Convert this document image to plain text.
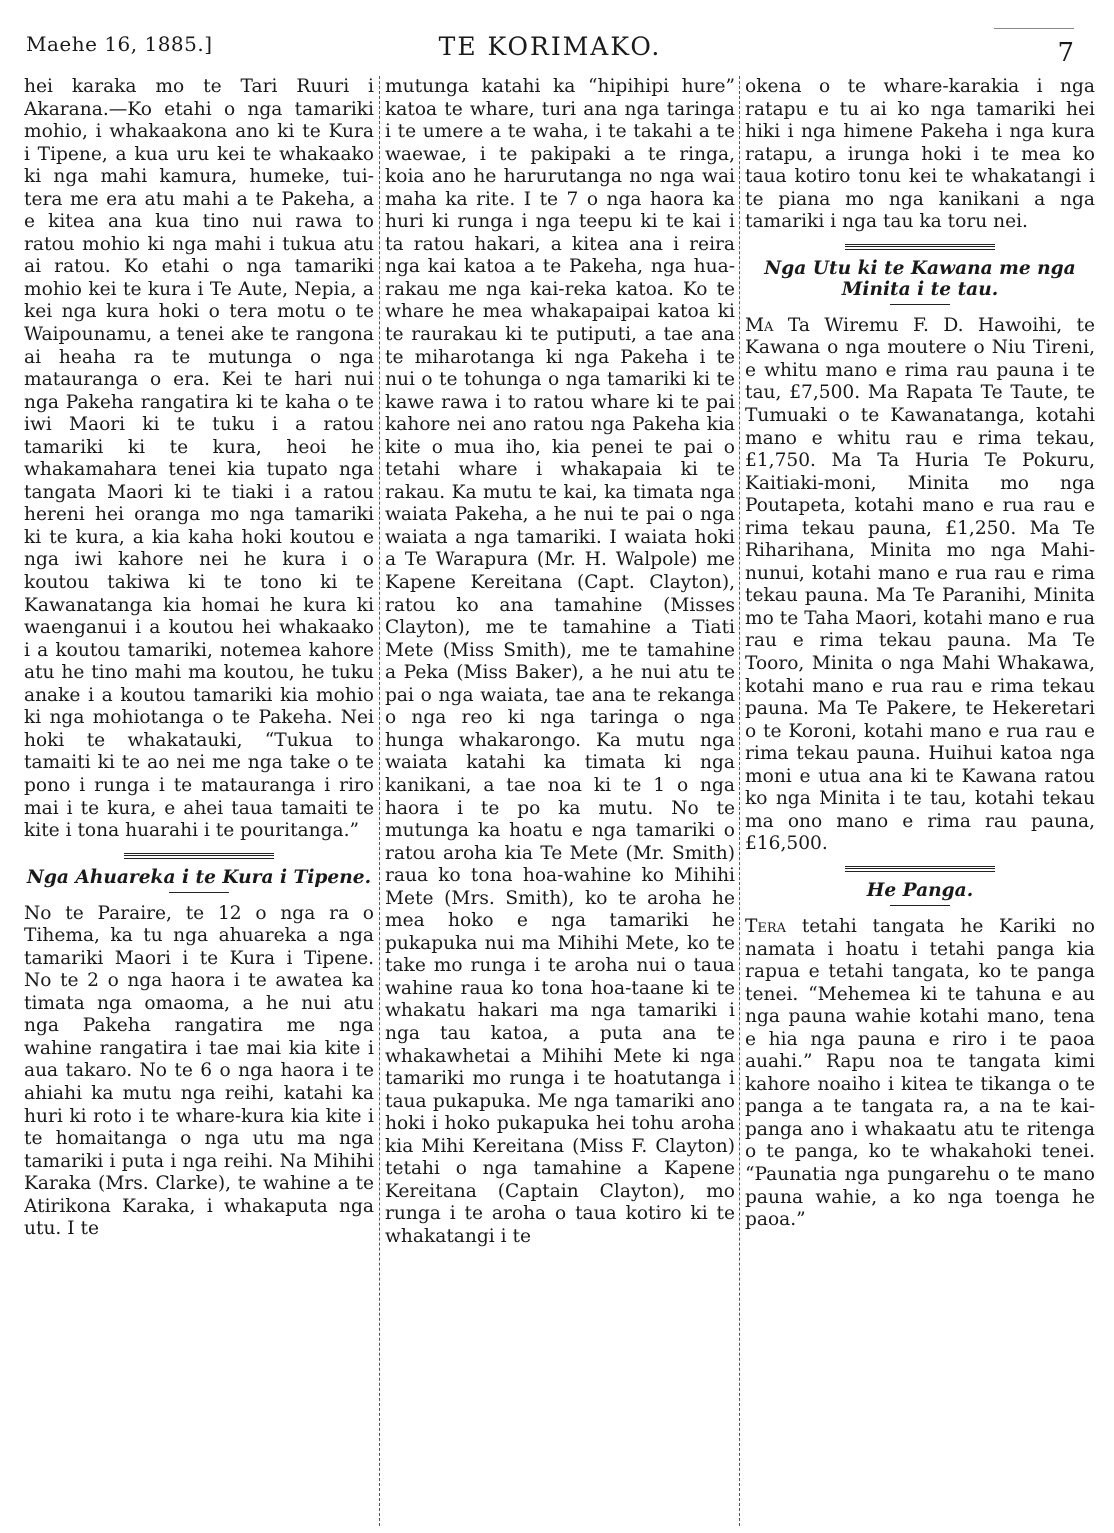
Maehe 16, 1885.]	TE KORIMAKO.	7

hei karaka mo te Tari Ruuri i Akarana.—Ko etahi o nga tamariki mohio, i whakaakona ano ki te Kura i Tipene, a kua uru kei te whakaako ki nga mahi kamura, humeke, tui-tera me era atu mahi a te Pakeha, a e kitea ana kua tino nui rawa to ratou mohio ki nga mahi i tukua atu ai ratou. Ko etahi o nga tamariki mohio kei te kura i Te Aute, Nepia, a kei nga kura hoki o tera motu o te Waipounamu, a tenei ake te rangona ai heaha ra te mutunga o nga matauranga o era. Kei te hari nui nga Pakeha rangatira ki te kaha o te iwi Maori ki te tuku i a ratou tamariki ki te kura, heoi he whakamahara tenei kia tupato nga tangata Maori ki te tiaki i a ratou hereni hei oranga mo nga tamariki ki te kura, a kia kaha hoki koutou e nga iwi kahore nei he kura i o koutou takiwa ki te tono ki te Kawanatanga kia homai he kura ki waenganui i a koutou hei whakaako i a koutou tamariki, notemea kahore atu he tino mahi ma koutou, he tuku anake i a koutou tamariki kia mohio ki nga mohiotanga o te Pakeha. Nei hoki te whakatauki, “Tukua to tamaiti ki te ao nei me nga take o te pono i runga i te matauranga i riro mai i te kura, e ahei taua tamaiti te kite i tona huarahi i te pouritanga.”

Nga Ahuareka i te Kura i Tipene.

No te Paraire, te 12 o nga ra o Tihema, ka tu nga ahuareka a nga tamariki Maori i te Kura i Tipene. No te 2 o nga haora i te awatea ka timata nga omaoma, a he nui atu nga Pakeha rangatira me nga wahine rangatira i tae mai kia kite i aua takaro. No te 6 o nga haora i te ahiahi ka mutu nga reihi, katahi ka huri ki roto i te whare-kura kia kite i te homaitanga o nga utu ma nga tamariki i puta i nga reihi. Na Mihihi Karaka (Mrs. Clarke), te wahine a te Atirikona Karaka, i whakaputa nga utu. I te

mutunga katahi ka “hipihipi hure” katoa te whare, turi ana nga taringa i te umere a te waha, i te takahi a te waewae, i te pakipaki a te ringa, koia ano he harurutanga no nga wai maha ka rite. I te 7 o nga haora ka huri ki runga i nga teepu ki te kai i ta ratou hakari, a kitea ana i reira nga kai katoa a te Pakeha, nga hua-rakau me nga kai-reka katoa. Ko te whare he mea whakapaipai katoa ki te raurakau ki te putiputi, a tae ana te miharotanga ki nga Pakeha i te nui o te tohunga o nga tamariki ki te kawe rawa i to ratou whare ki te pai kahore nei ano ratou nga Pakeha kia kite o mua iho, kia penei te pai o tetahi whare i whakapaia ki te rakau. Ka mutu te kai, ka timata nga waiata Pakeha, a he nui te pai o nga waiata a nga tamariki. I waiata hoki a Te Warapura (Mr. H. Walpole) me Kapene Kereitana (Capt. Clayton), ratou ko ana tamahine (Misses Clayton), me te tamahine a Tiati Mete (Miss Smith), me te tamahine a Peka (Miss Baker), a he nui atu te pai o nga waiata, tae ana te rekanga o nga reo ki nga taringa o nga hunga whakarongo. Ka mutu nga waiata katahi ka timata ki nga kanikani, a tae noa ki te 1 o nga haora i te po ka mutu. No te mutunga ka hoatu e nga tamariki o ratou aroha kia Te Mete (Mr. Smith) raua ko tona hoa-wahine ko Mihihi Mete (Mrs. Smith), ko te aroha he mea hoko e nga tamariki he pukapuka nui ma Mihihi Mete, ko te take mo runga i te aroha nui o taua wahine raua ko tona hoa-taane ki te whakatu hakari ma nga tamariki i nga tau katoa, a puta ana te whakawhetai a Mihihi Mete ki nga tamariki mo runga i te hoatutanga i taua pukapuka. Me nga tamariki ano hoki i hoko pukapuka hei tohu aroha kia Mihi Kereitana (Miss F. Clayton) tetahi o nga tamahine a Kapene Kereitana (Captain Clayton), mo runga i te aroha o taua kotiro ki te whakatangi i te

okena o te whare-karakia i nga ratapu e tu ai ko nga tamariki hei hiki i nga himene Pakeha i nga kura ratapu, a irunga hoki i te mea ko taua kotiro tonu kei te whakatangi i te piana mo nga kanikani a nga tamariki i nga tau ka toru nei.

Nga Utu ki te Kawana me nga Minita i te tau.

Ma Ta Wiremu F. D. Hawoihi, te Kawana o nga moutere o Niu Tireni, e whitu mano e rima rau pauna i te tau, £7,500. Ma Rapata Te Taute, te Tumuaki o te Kawanatanga, kotahi mano e whitu rau e rima tekau, £1,750. Ma Ta Huria Te Pokuru, Kaitiaki-moni, Minita mo nga Poutapeta, kotahi mano e rua rau e rima tekau pauna, £1,250. Ma Te Riharihana, Minita mo nga Mahi-nunui, kotahi mano e rua rau e rima tekau pauna. Ma Te Paranihi, Minita mo te Taha Maori, kotahi mano e rua rau e rima tekau pauna. Ma Te Tooro, Minita o nga Mahi Whakawa, kotahi mano e rua rau e rima tekau pauna. Ma Te Pakere, te Hekeretari o te Koroni, kotahi mano e rua rau e rima tekau pauna. Huihui katoa nga moni e utua ana ki te Kawana ratou ko nga Minita i te tau, kotahi tekau ma ono mano e rima rau pauna, £16,500.

He Panga.

Tera tetahi tangata he Kariki no namata i hoatu i tetahi panga kia rapua e tetahi tangata, ko te panga tenei. “Mehemea ki te tahuna e au nga pauna wahie kotahi mano, tena e hia nga pauna e riro i te paoa auahi.” Rapu noa te tangata kimi kahore noaiho i kitea te tikanga o te panga a te tangata ra, a na te kai-panga ano i whakaatu atu te ritenga o te panga, ko te whakahoki tenei. “Paunatia nga pungarehu o te mano pauna wahie, a ko nga toenga he paoa.”
